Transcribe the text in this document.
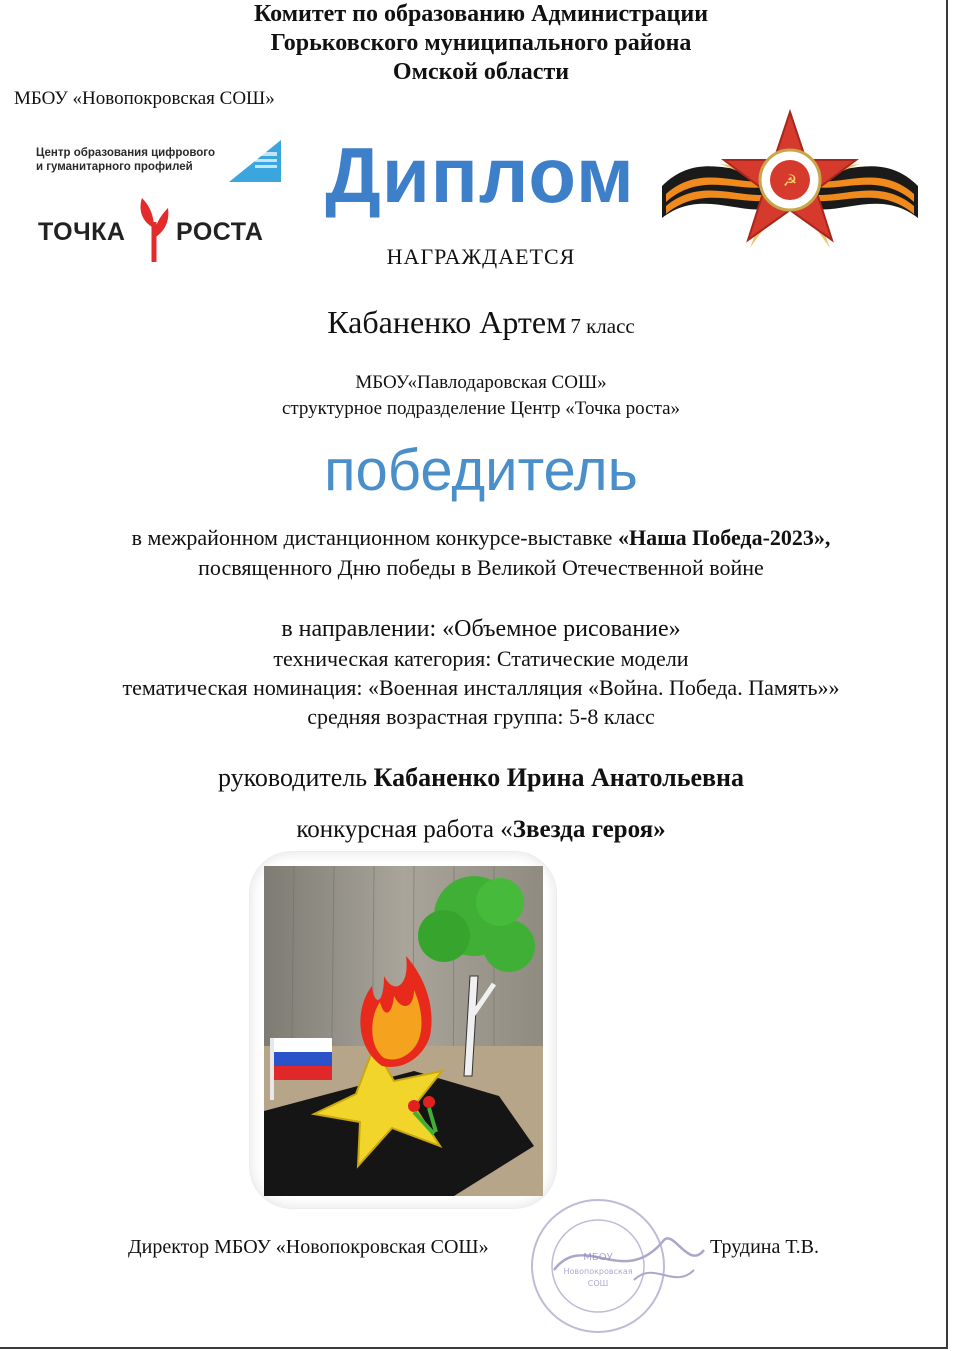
Комитет по образованию Администрации
Горьковского муниципального района
Омской области
МБОУ «Новопокровская СОШ»
Центр образования цифрового
и гуманитарного профилей
ТОЧКА РОСТА
Диплом	☭
НАГРАЖДАЕТСЯ
Кабаненко Артем 7 класс
МБОУ«Павлодаровская СОШ»
структурное подразделение Центр «Точка роста»
победитель
в межрайонном дистанционном конкурсе-выставке «Наша Победа-2023»,
посвященного Дню победы в Великой Отечественной войне
в направлении: «Объемное рисование»
техническая категория: Статические модели
тематическая номинация: «Военная инсталляция «Война. Победа. Память»»
средняя возрастная группа: 5-8 класс
руководитель Кабаненко Ирина Анатольевна
конкурсная работа «Звезда героя»
Директор МБОУ «Новопокровская СОШ»	МБОУ
Новопокровская
СОШ
Трудина Т.В.
